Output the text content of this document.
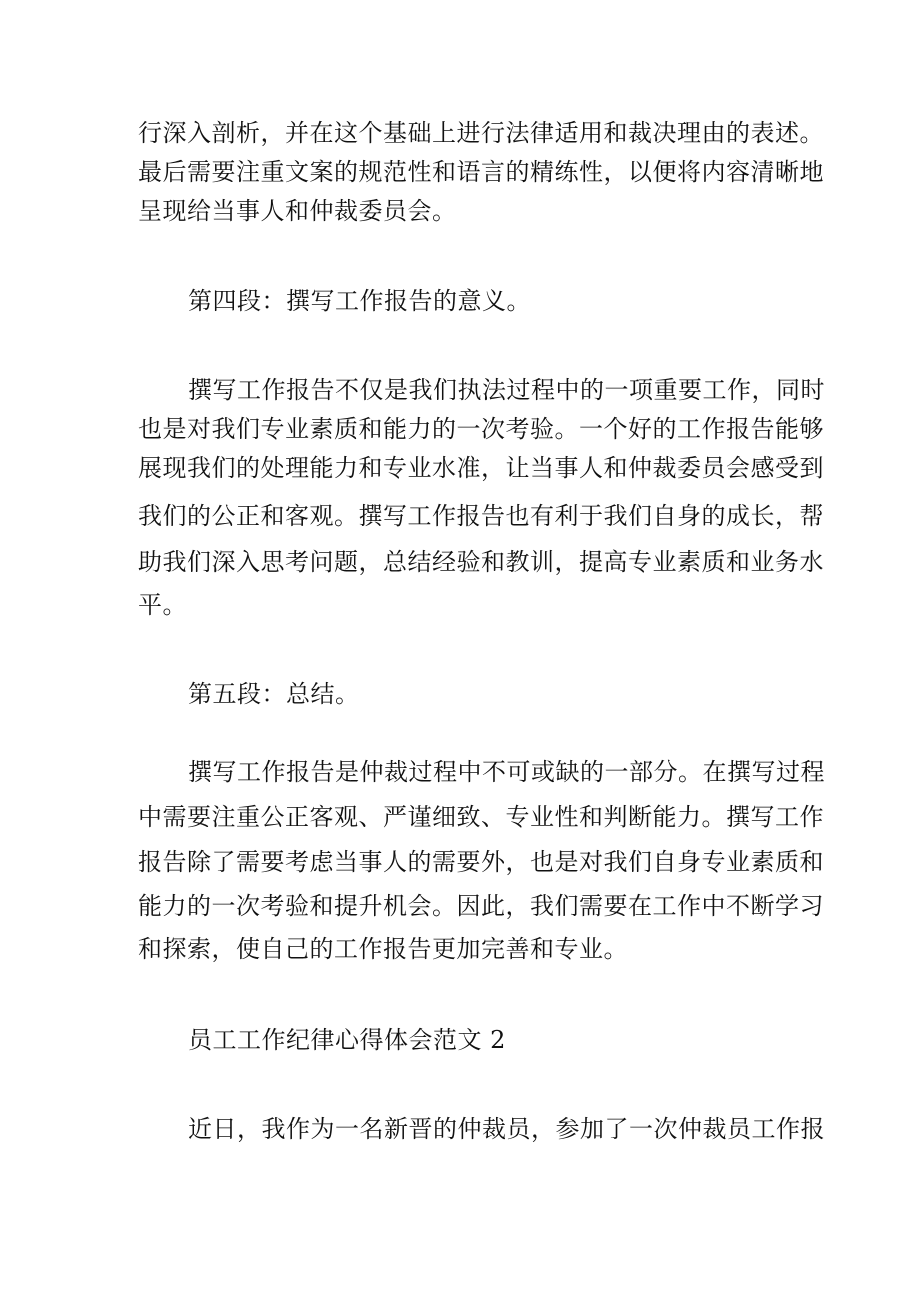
行深入剖析，并在这个基础上进行法律适用和裁决理由的表述。
最后需要注重文案的规范性和语言的精练性，以便将内容清晰地
呈现给当事人和仲裁委员会。
第四段：撰写工作报告的意义。
撰写工作报告不仅是我们执法过程中的一项重要工作，同时
也是对我们专业素质和能力的一次考验。一个好的工作报告能够
展现我们的处理能力和专业水准，让当事人和仲裁委员会感受到
我们的公正和客观。撰写工作报告也有利于我们自身的成长，帮
助我们深入思考问题，总结经验和教训，提高专业素质和业务水
平。
第五段：总结。
撰写工作报告是仲裁过程中不可或缺的一部分。在撰写过程
中需要注重公正客观、严谨细致、专业性和判断能力。撰写工作
报告除了需要考虑当事人的需要外，也是对我们自身专业素质和
能力的一次考验和提升机会。因此，我们需要在工作中不断学习
和探索，使自己的工作报告更加完善和专业。
员工工作纪律心得体会范文 2
近日，我作为一名新晋的仲裁员，参加了一次仲裁员工作报
